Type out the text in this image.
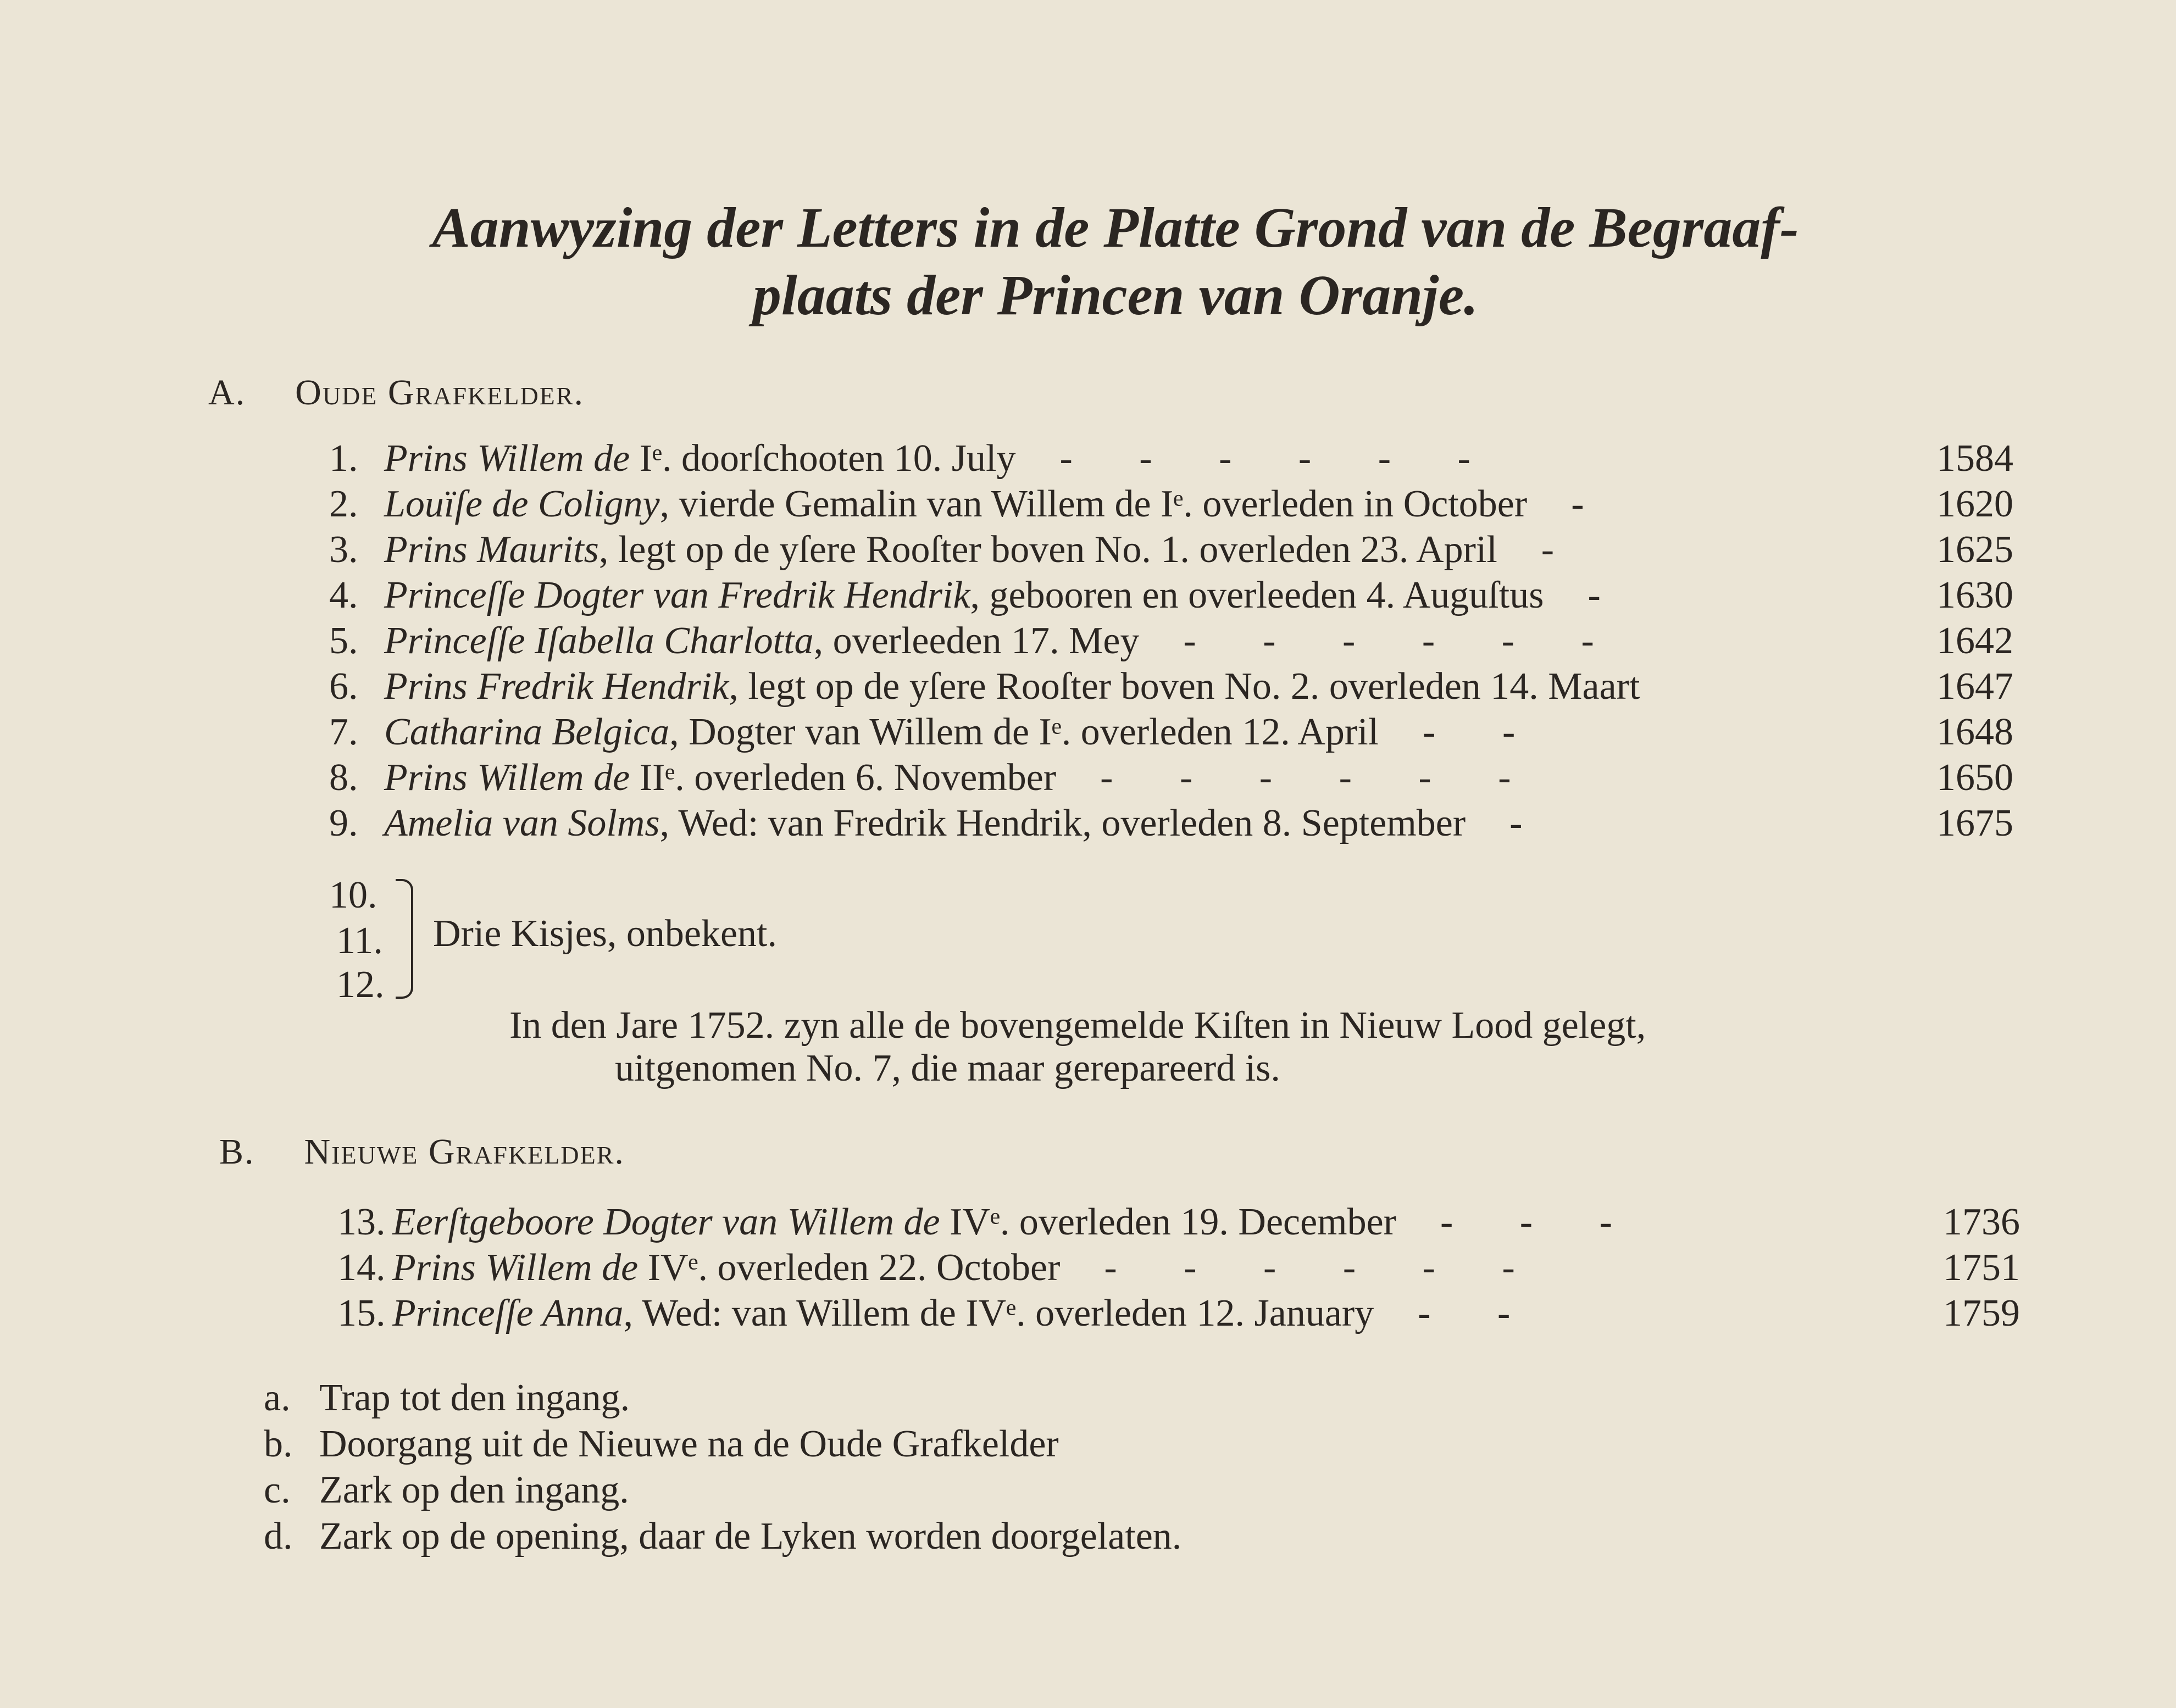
Aanwyzing der Letters in de Platte Grond van de Begraaf-
plaats der Princen van Oranje.
A. Oude Grafkelder.
10.
11.
12.
Drie Kisjes, onbekent.
In den Jare 1752. zyn alle de bovengemelde Kiſten in Nieuw Lood gelegt,
uitgenomen No. 7, die maar gerepareerd is.
B. Nieuwe Grafkelder.
1. Prins Willem de Iᵉ. doorſchooten 10. July - - - - - -	1584
2. Louïſe de Coligny, vierde Gemalin van Willem de Iᵉ. overleden in October -	1620
3. Prins Maurits, legt op de yſere Rooſter boven No. 1. overleden 23. April -	1625
4. Princeſſe Dogter van Fredrik Hendrik, gebooren en overleeden 4. Auguſtus -	1630
5. Princeſſe Iſabella Charlotta, overleeden 17. Mey - - - - - -	1642
6. Prins Fredrik Hendrik, legt op de yſere Rooſter boven No. 2. overleden 14. Maart	1647
7. Catharina Belgica, Dogter van Willem de Iᵉ. overleden 12. April - -	1648
8. Prins Willem de IIᵉ. overleden 6. November - - - - - -	1650
9. Amelia van Solms, Wed: van Fredrik Hendrik, overleden 8. September -	1675
13. Eerſtgeboore Dogter van Willem de IVᵉ. overleden 19. December - - -	1736
14. Prins Willem de IVᵉ. overleden 22. October - - - - - -	1751
15. Princeſſe Anna, Wed: van Willem de IVᵉ. overleden 12. January - -	1759
a. Trap tot den ingang.
b. Doorgang uit de Nieuwe na de Oude Grafkelder
c. Zark op den ingang.
d. Zark op de opening, daar de Lyken worden doorgelaten.
